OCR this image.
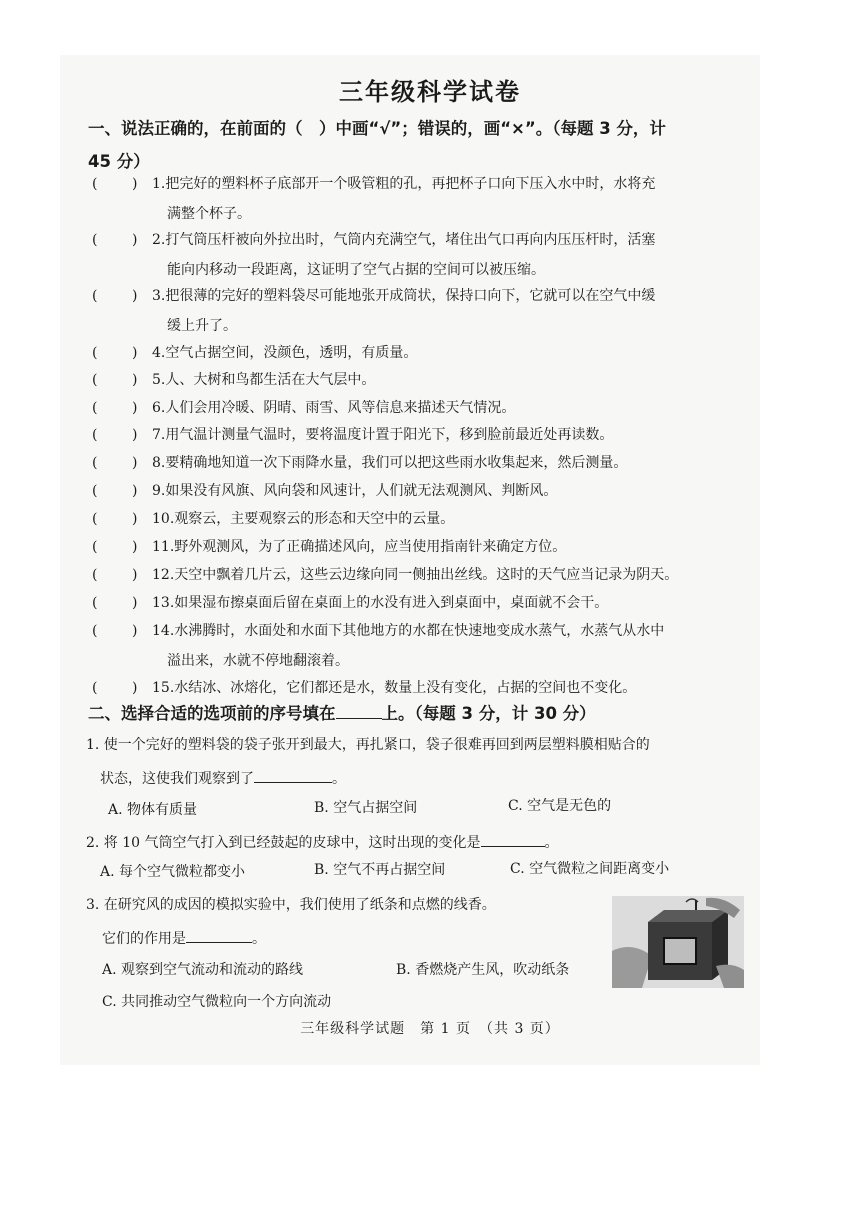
三年级科学试卷
一、说法正确的，在前面的（　）中画“√”；错误的，画“×”。（每题 3 分，计
45 分）
( ) 1.把完好的塑料杯子底部开一个吸管粗的孔，再把杯子口向下压入水中时，水将充
满整个杯子。
( ) 2.打气筒压杆被向外拉出时，气筒内充满空气，堵住出气口再向内压压杆时，活塞
能向内移动一段距离，这证明了空气占据的空间可以被压缩。
( ) 3.把很薄的完好的塑料袋尽可能地张开成筒状，保持口向下，它就可以在空气中缓
缓上升了。
( ) 4.空气占据空间，没颜色，透明，有质量。
( ) 5.人、大树和鸟都生活在大气层中。
( ) 6.人们会用冷暖、阴晴、雨雪、风等信息来描述天气情况。
( ) 7.用气温计测量气温时，要将温度计置于阳光下，移到脸前最近处再读数。
( ) 8.要精确地知道一次下雨降水量，我们可以把这些雨水收集起来，然后测量。
( ) 9.如果没有风旗、风向袋和风速计，人们就无法观测风、判断风。
( ) 10.观察云，主要观察云的形态和天空中的云量。
( ) 11.野外观测风，为了正确描述风向，应当使用指南针来确定方位。
( ) 12.天空中飘着几片云，这些云边缘向同一侧抽出丝线。这时的天气应当记录为阴天。
( ) 13.如果湿布擦桌面后留在桌面上的水没有进入到桌面中，桌面就不会干。
( ) 14.水沸腾时，水面处和水面下其他地方的水都在快速地变成水蒸气，水蒸气从水中
溢出来，水就不停地翻滚着。
( ) 15.水结冰、冰熔化，它们都还是水，数量上没有变化，占据的空间也不变化。
二、选择合适的选项前的序号填在	上。（每题 3 分，计 30 分）
1. 使一个完好的塑料袋的袋子张开到最大，再扎紧口，袋子很难再回到两层塑料膜相贴合的
状态，这使我们观察到了	。
A. 物体有质量	B. 空气占据空间	C. 空气是无色的
2. 将 10 气筒空气打入到已经鼓起的皮球中，这时出现的变化是	。
A. 每个空气微粒都变小	B. 空气不再占据空间	C. 空气微粒之间距离变小
3. 在研究风的成因的模拟实验中，我们使用了纸条和点燃的线香。
它们的作用是	。
A. 观察到空气流动和流动的路线	B. 香燃烧产生风，吹动纸条
C. 共同推动空气微粒向一个方向流动
三年级科学试题　第 1 页　（共 3 页）
